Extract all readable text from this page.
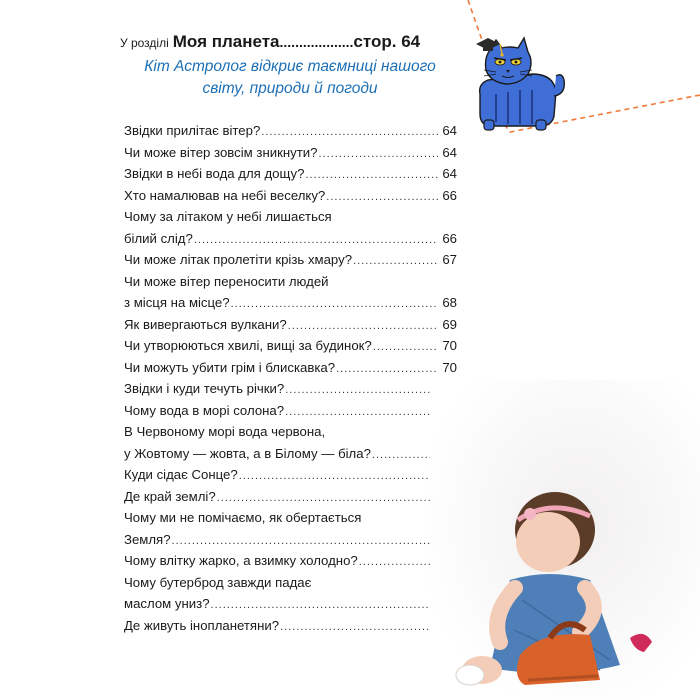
У розділі Моя планета ................... стор. 64
Кіт Астролог відкриє таємниці нашого
світу, природи й погоди
Звідки прилітає вітер? .....	64
Чи може вітер зовсім зникнути? .....	64
Звідки в небі вода для дощу? .....	64
Хто намалював на небі веселку? .....	66
Чому за літаком у небі лишається
білий слід? .....	66
Чи може літак пролетіти крізь хмару? .....	67
Чи може вітер переносити людей
з місця на місце? .....	68
Як вивергаються вулкани? .....	69
Чи утворюються хвилі, вищі за будинок? .....	70
Чи можуть убити грім і блискавка? .....	70
Звідки і куди течуть річки?
.....
Чому вода в морі солона?
.....
В Червоному морі вода червона,
у Жовтому — жовта, а в Білому — біла?
.....
Куди сідає Сонце?
.....
Де край землі?
.....
Чому ми не помічаємо, як обертається
Земля?
.....
Чому влітку жарко, а взимку холодно?
.....
Чому бутерброд завжди падає
маслом униз?
.....
Де живуть інопланетяни?
.....
